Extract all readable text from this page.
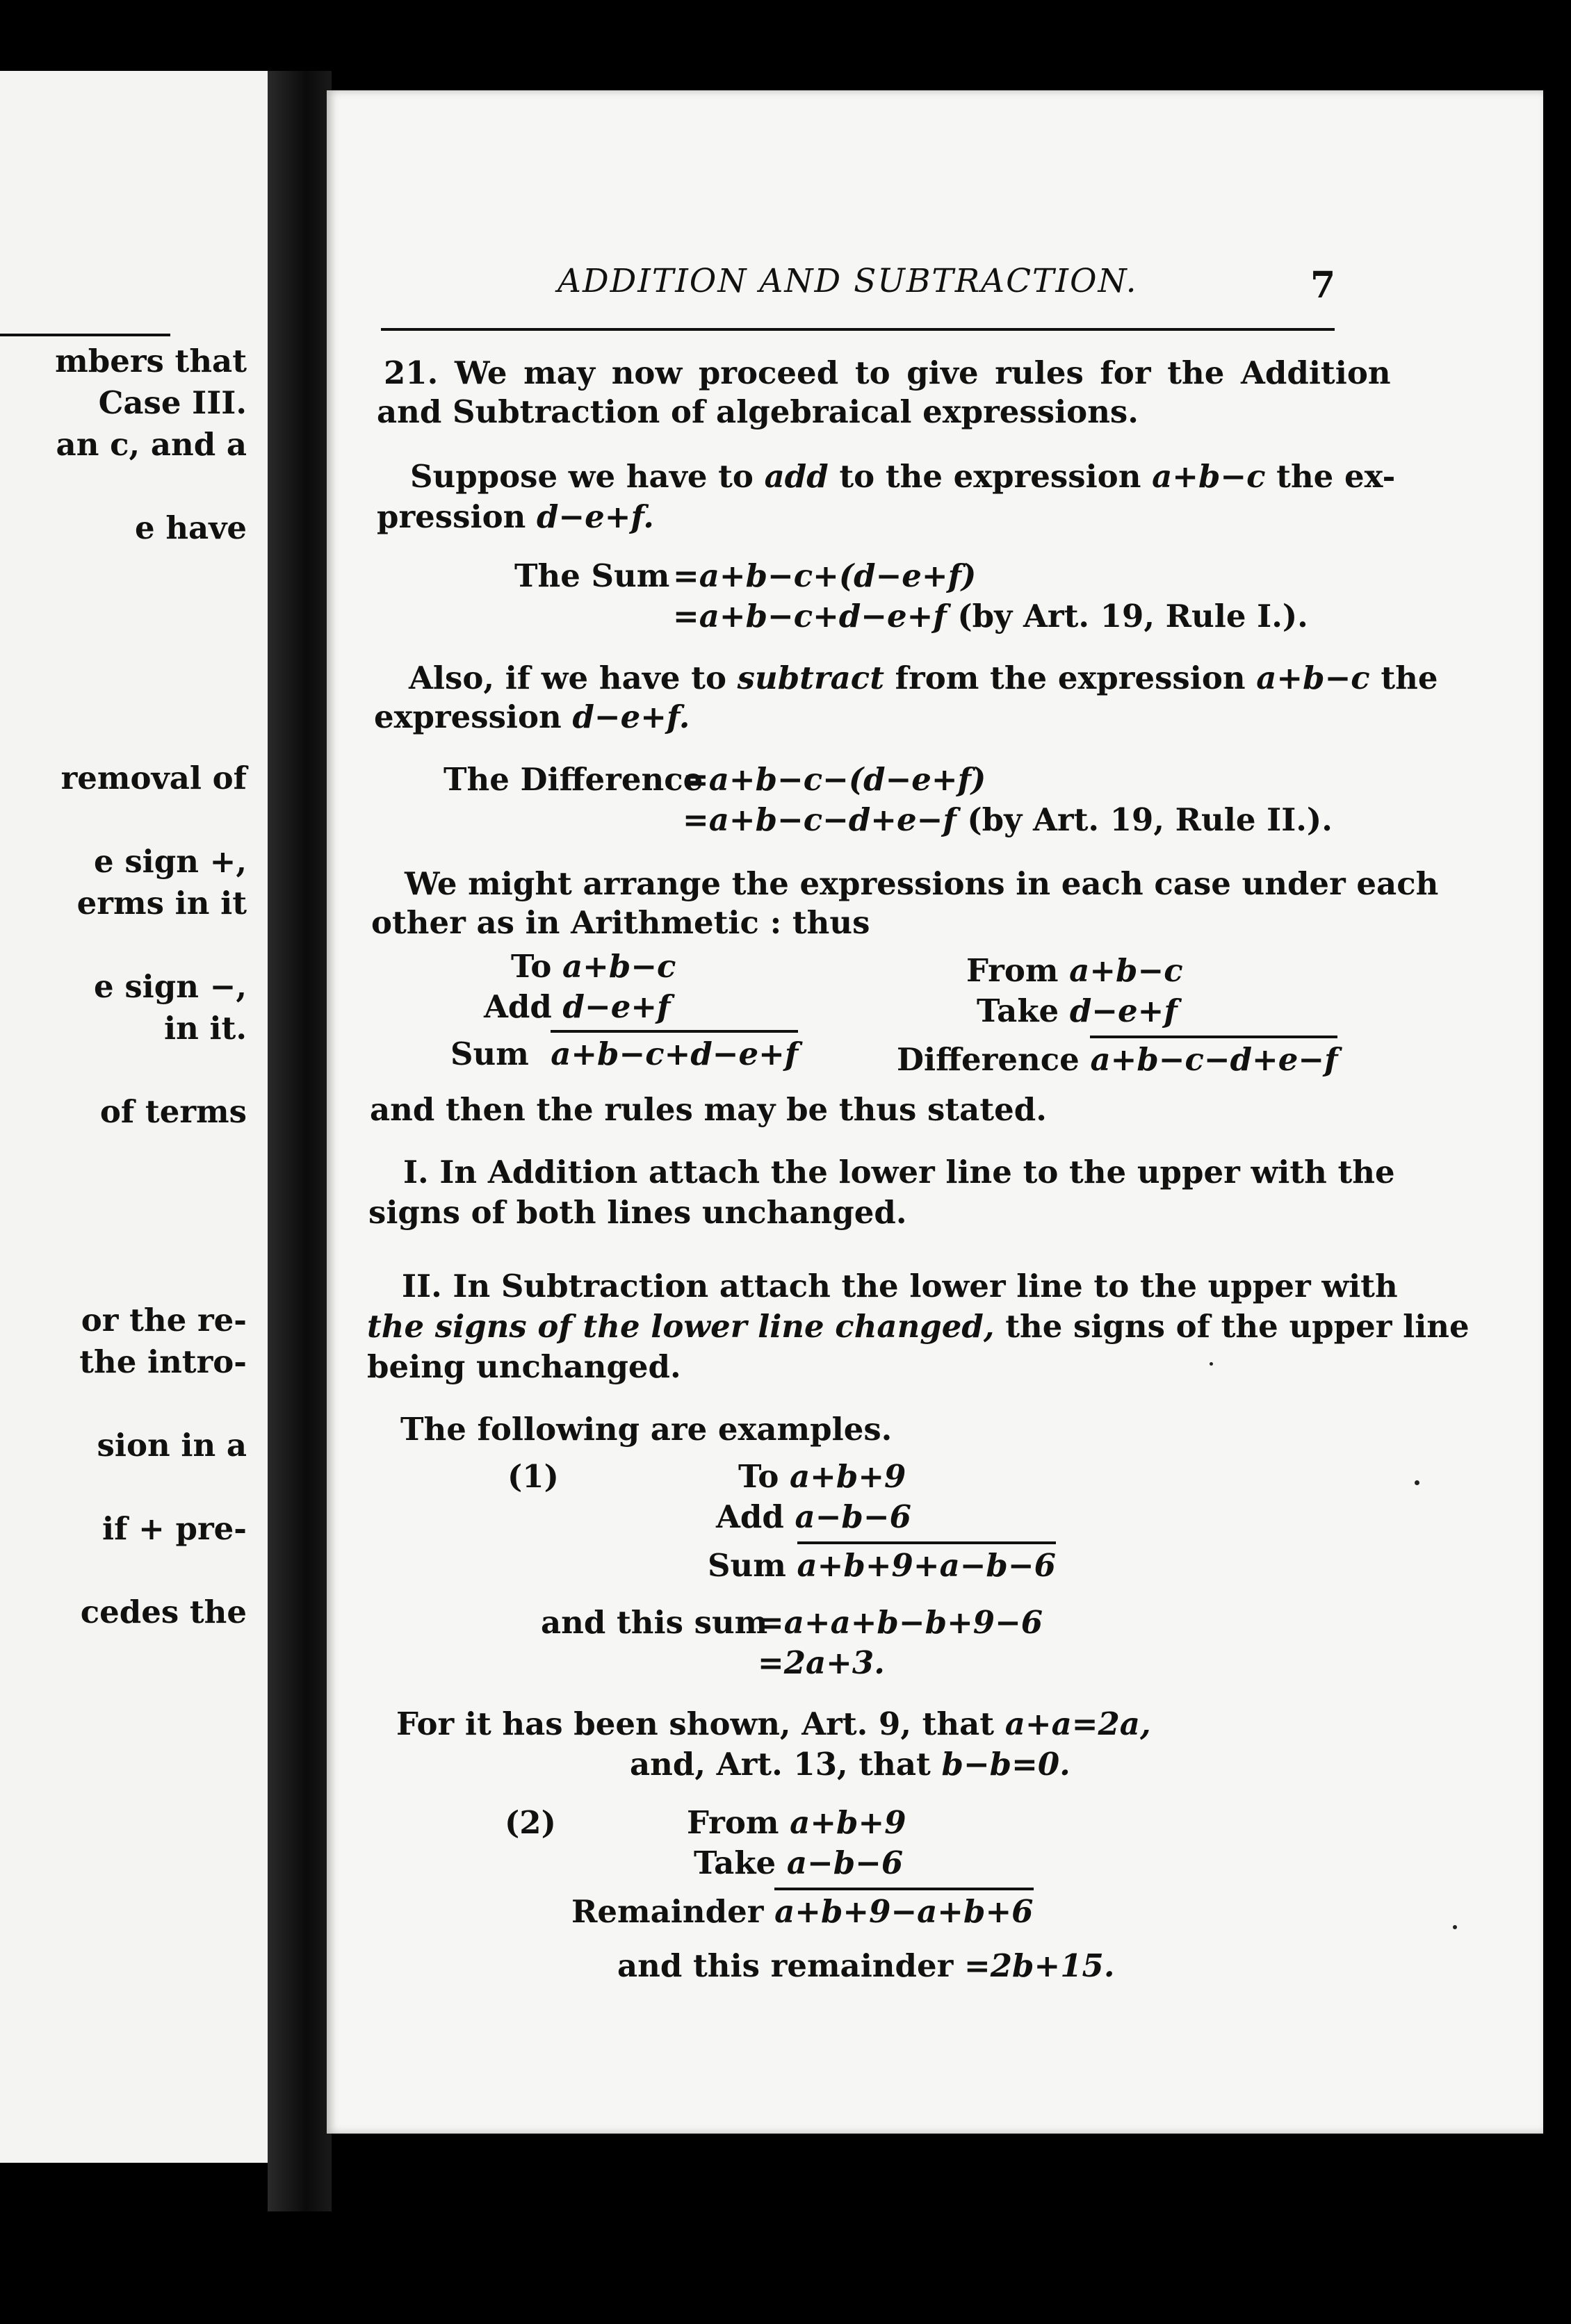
mbers that
Case III.
an c, and a
e have
removal of
e sign +,
erms in it
e sign −,
in it.
of terms
or the re-
the intro-
sion in a
if + pre-
cedes the
ADDITION AND SUBTRACTION.	7
21. We may now proceed to give rules for the Addition
and Subtraction of algebraical expressions.
Suppose we have to add to the expression a+b−c the ex-
pression d−e+f.
The Sum =a+b−c+(d−e+f)
=a+b−c+d−e+f (by Art. 19, Rule I.).
Also, if we have to subtract from the expression a+b−c the
expression d−e+f.
The Difference
=a+b−c−(d−e+f)
=a+b−c−d+e−f (by Art. 19, Rule II.).
We might arrange the expressions in each case under each
other as in Arithmetic : thus
To a+b−c
Add d−e+f
Sum a+b−c+d−e+f
From a+b−c
Take d−e+f
Difference a+b−c−d+e−f
and then the rules may be thus stated.
I. In Addition attach the lower line to the upper with the
signs of both lines unchanged.
II. In Subtraction attach the lower line to the upper with
the signs of the lower line changed, the signs of the upper line
being unchanged.
The following are examples.
(1)	To a+b+9
Add a−b−6
Sum a+b+9+a−b−6
and this sum
=a+a+b−b+9−6
=2a+3.
For it has been shown, Art. 9, that a+a=2a,
and, Art. 13, that b−b=0.
(2)	From a+b+9
Take a−b−6
Remainder a+b+9−a+b+6
and this remainder =2b+15.
